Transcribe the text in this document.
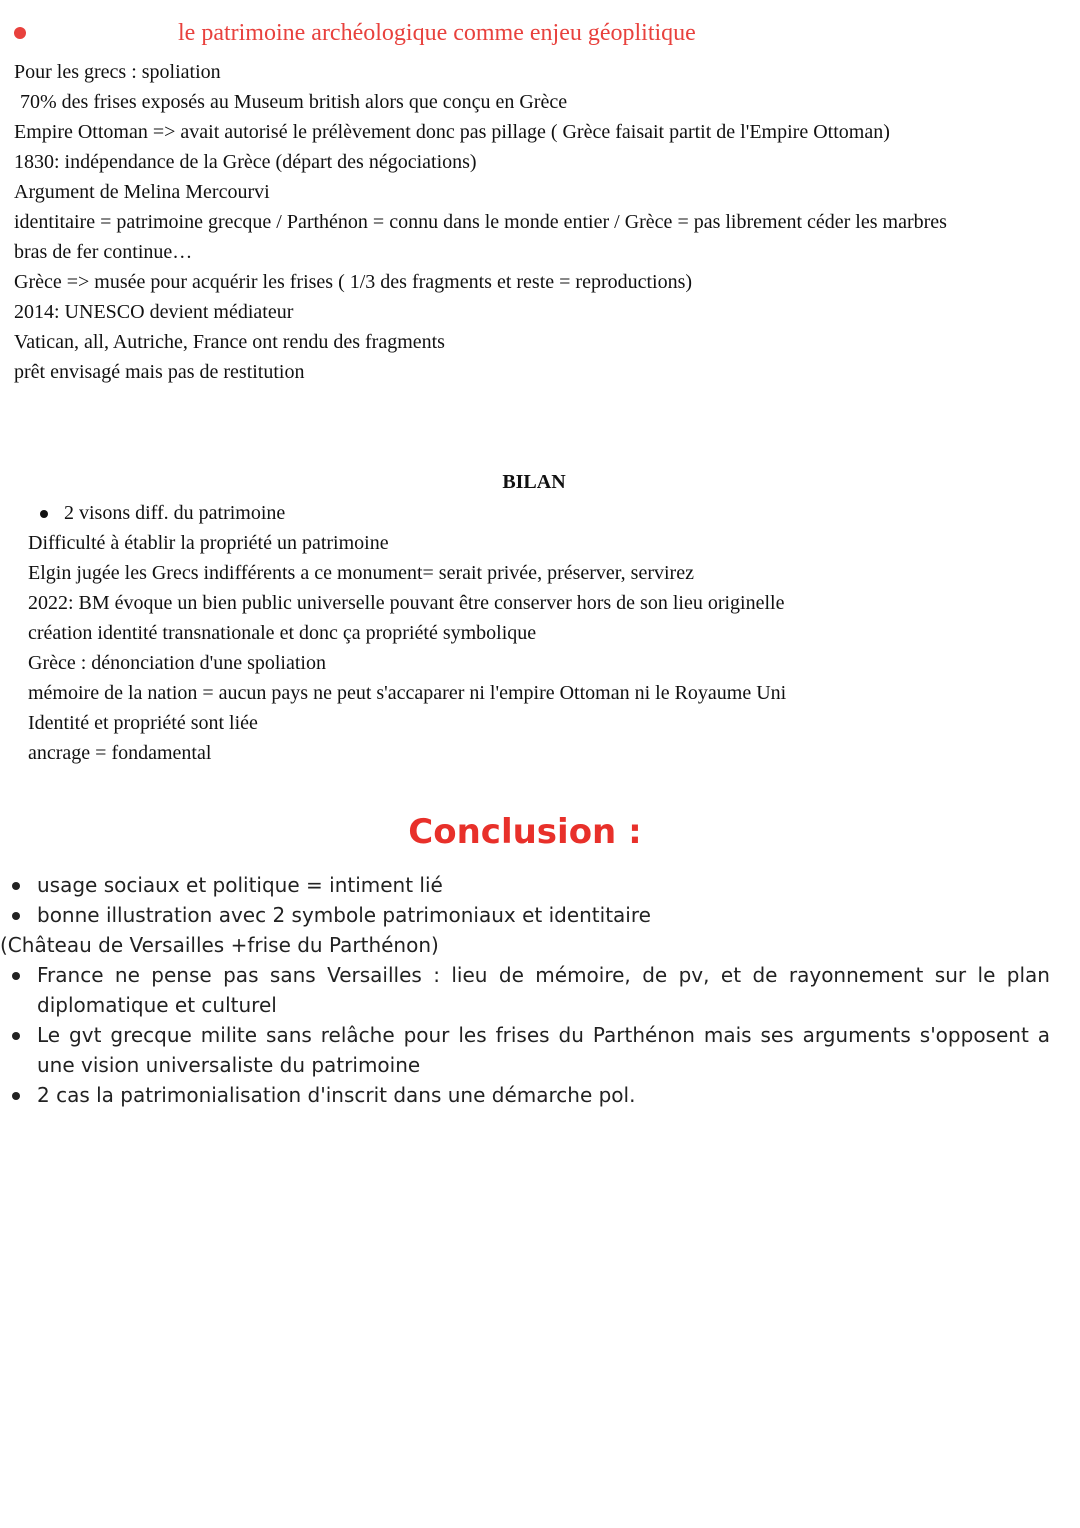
le patrimoine archéologique comme enjeu géoplitique
Pour les grecs : spoliation
70% des frises exposés au Museum british alors que conçu en Grèce
Empire Ottoman => avait autorisé le prélèvement donc pas pillage ( Grèce faisait partit de l'Empire Ottoman)
1830: indépendance de la Grèce (départ des négociations)
Argument de Melina Mercourvi
identitaire = patrimoine grecque / Parthénon = connu dans le monde entier / Grèce = pas librement céder les marbres
bras de fer continue…
Grèce => musée pour acquérir les frises ( 1/3 des fragments et reste = reproductions)
2014: UNESCO devient médiateur
Vatican, all, Autriche, France ont rendu des fragments
prêt envisagé mais pas de restitution
BILAN
2 visons diff. du patrimoine
Difficulté à établir la propriété un patrimoine
Elgin jugée les Grecs indifférents a ce monument= serait privée, préserver, servirez
2022: BM évoque un bien public universelle pouvant être conserver hors de son lieu originelle
création identité transnationale et donc ça propriété symbolique
Grèce : dénonciation d'une spoliation
mémoire de la nation = aucun pays ne peut s'accaparer ni l'empire Ottoman ni le Royaume Uni
Identité et propriété sont liée
ancrage = fondamental
Conclusion :
usage sociaux et politique = intiment lié
bonne illustration avec 2 symbole patrimoniaux et identitaire
(Château de Versailles +frise du Parthénon)
France ne pense pas sans Versailles : lieu de mémoire, de pv, et de rayonnement sur le plan diplomatique et culturel
Le gvt grecque milite sans relâche pour les frises du Parthénon mais ses arguments s'opposent a une vision universaliste du patrimoine
2 cas la patrimonialisation d'inscrit dans une démarche pol.
